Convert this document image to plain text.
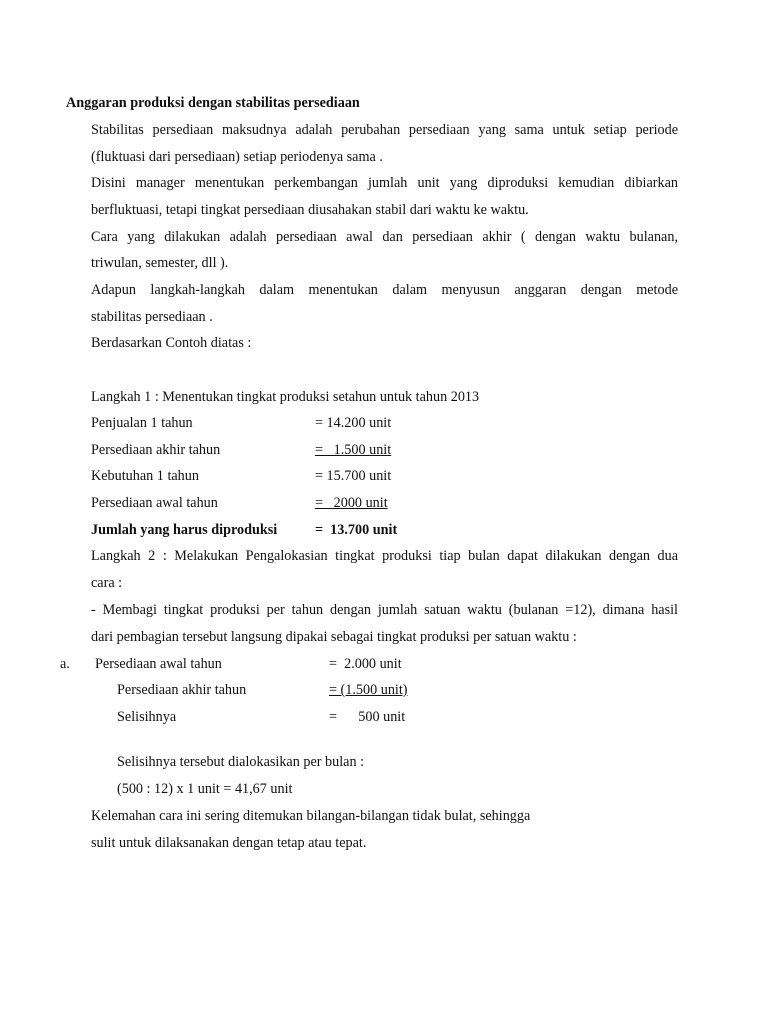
Anggaran produksi dengan stabilitas persediaan
Stabilitas persediaan maksudnya adalah perubahan persediaan yang sama untuk setiap periode
(fluktuasi dari persediaan) setiap periodenya sama .
Disini manager menentukan perkembangan jumlah unit yang diproduksi kemudian dibiarkan
berfluktuasi, tetapi tingkat persediaan diusahakan stabil dari waktu ke waktu.
Cara yang dilakukan adalah persediaan awal dan persediaan akhir ( dengan waktu bulanan,
triwulan, semester, dll ).
Adapun langkah-langkah dalam menentukan dalam menyusun anggaran dengan metode
stabilitas persediaan .
Berdasarkan Contoh diatas :
Langkah 1 : Menentukan tingkat produksi setahun untuk tahun 2013
Penjualan 1 tahun	= 14.200 unit
Persediaan akhir tahun	=   1.500 unit
Kebutuhan 1 tahun	= 15.700 unit
Persediaan awal tahun	=   2000 unit
Jumlah yang harus diproduksi	=  13.700 unit
Langkah 2 : Melakukan Pengalokasian tingkat produksi tiap bulan dapat dilakukan dengan dua
cara :
- Membagi tingkat produksi per tahun dengan jumlah satuan waktu (bulanan =12), dimana hasil
dari pembagian tersebut langsung dipakai sebagai tingkat produksi per satuan waktu :
a. Persediaan awal tahun	=  2.000 unit
Persediaan akhir tahun	= (1.500 unit)
Selisihnya	=      500 unit
Selisihnya tersebut dialokasikan per bulan :
(500 : 12) x 1 unit = 41,67 unit
Kelemahan cara ini sering ditemukan bilangan-bilangan tidak bulat, sehingga
sulit untuk dilaksanakan dengan tetap atau tepat.
